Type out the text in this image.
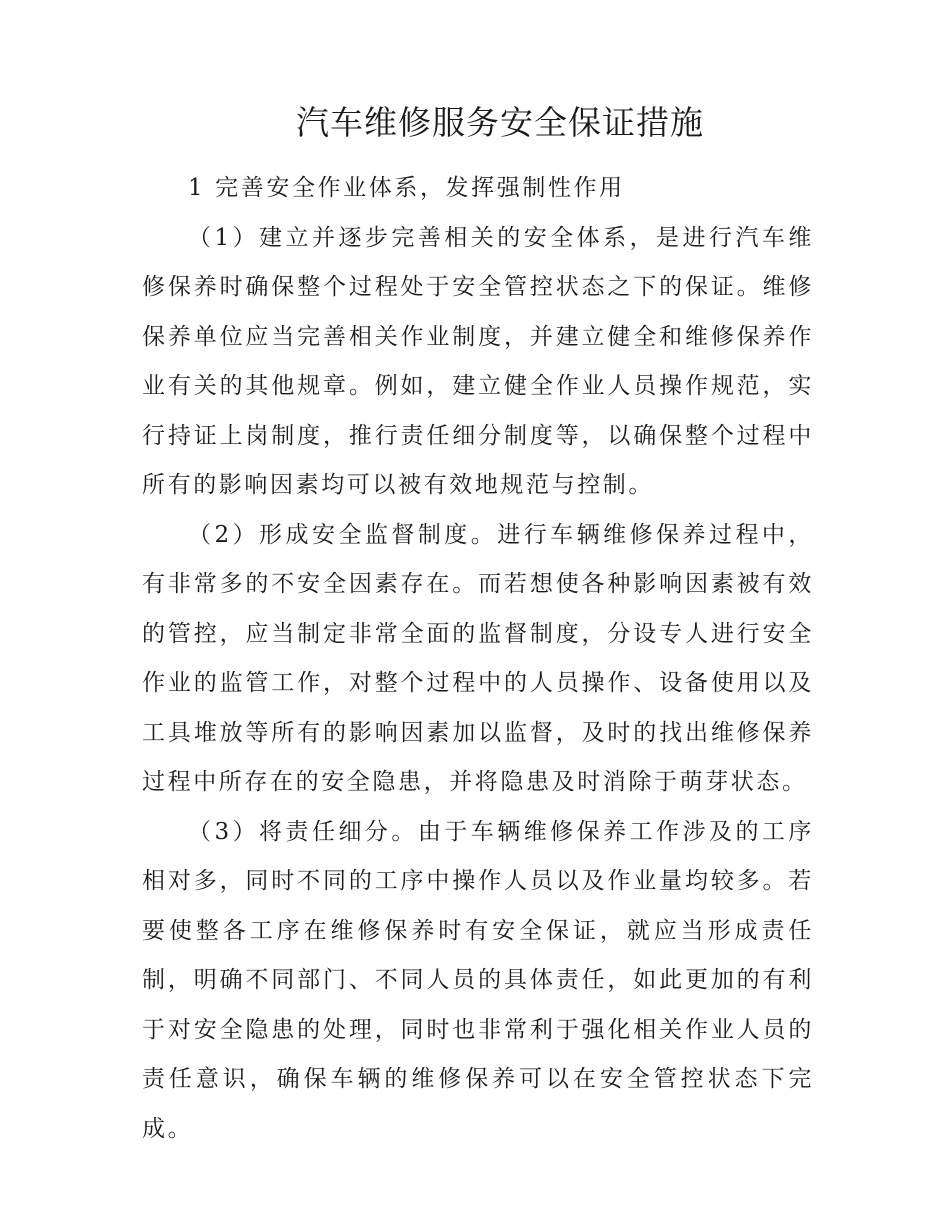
汽车维修服务安全保证措施

1 完善安全作业体系，发挥强制性作用

（1）建立并逐步完善相关的安全体系，是进行汽车维修保养时确保整个过程处于安全管控状态之下的保证。维修保养单位应当完善相关作业制度，并建立健全和维修保养作业有关的其他规章。例如，建立健全作业人员操作规范，实行持证上岗制度，推行责任细分制度等，以确保整个过程中所有的影响因素均可以被有效地规范与控制。

（2）形成安全监督制度。进行车辆维修保养过程中，有非常多的不安全因素存在。而若想使各种影响因素被有效的管控，应当制定非常全面的监督制度，分设专人进行安全作业的监管工作，对整个过程中的人员操作、设备使用以及工具堆放等所有的影响因素加以监督，及时的找出维修保养过程中所存在的安全隐患，并将隐患及时消除于萌芽状态。

（3）将责任细分。由于车辆维修保养工作涉及的工序相对多，同时不同的工序中操作人员以及作业量均较多。若要使整各工序在维修保养时有安全保证，就应当形成责任制，明确不同部门、不同人员的具体责任，如此更加的有利于对安全隐患的处理，同时也非常利于强化相关作业人员的责任意识，确保车辆的维修保养可以在安全管控状态下完成。
